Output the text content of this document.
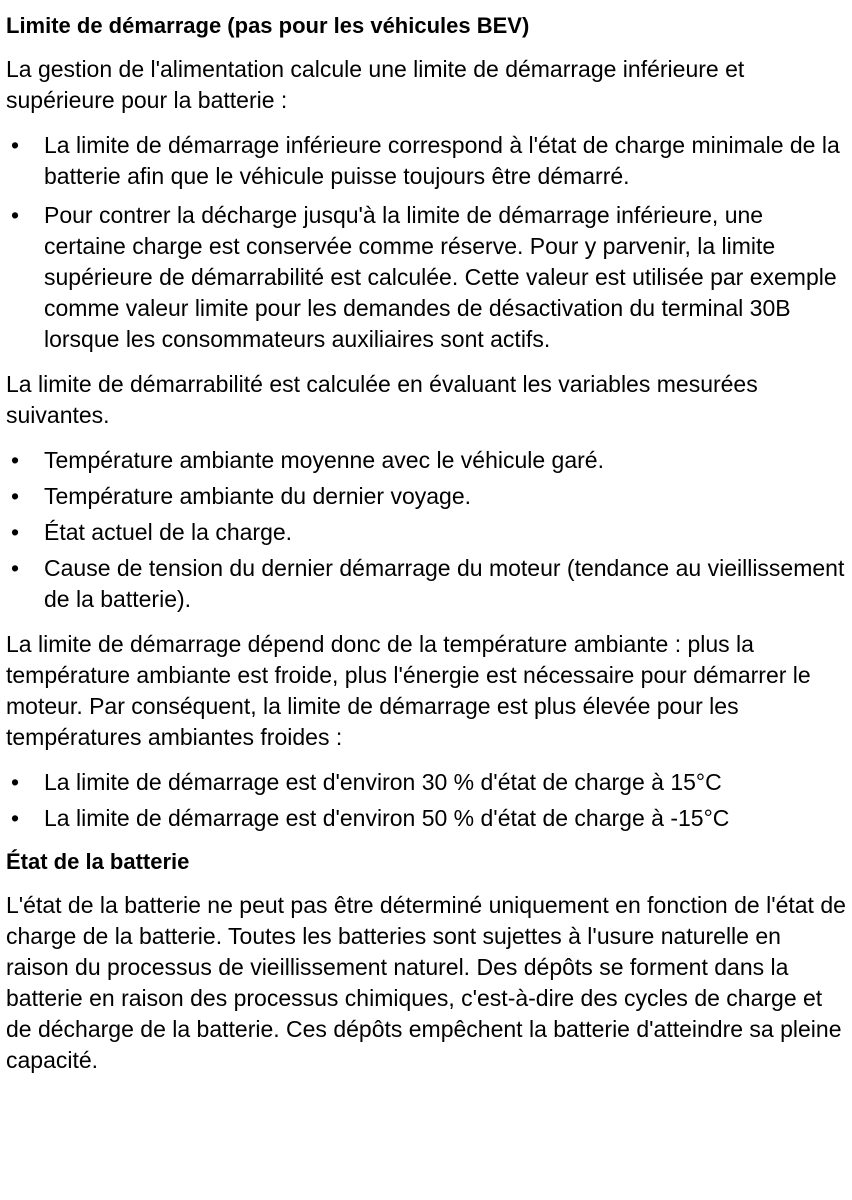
Limite de démarrage (pas pour les véhicules BEV)

La gestion de l'alimentation calcule une limite de démarrage inférieure et supérieure pour la batterie :

•	La limite de démarrage inférieure correspond à l'état de charge minimale de la batterie afin que le véhicule puisse toujours être démarré.
•	Pour contrer la décharge jusqu'à la limite de démarrage inférieure, une certaine charge est conservée comme réserve. Pour y parvenir, la limite supérieure de démarrabilité est calculée. Cette valeur est utilisée par exemple comme valeur limite pour les demandes de désactivation du terminal 30B lorsque les consommateurs auxiliaires sont actifs.

La limite de démarrabilité est calculée en évaluant les variables mesurées suivantes.

•	Température ambiante moyenne avec le véhicule garé.
•	Température ambiante du dernier voyage.
•	État actuel de la charge.
•	Cause de tension du dernier démarrage du moteur (tendance au vieillissement de la batterie).

La limite de démarrage dépend donc de la température ambiante : plus la température ambiante est froide, plus l'énergie est nécessaire pour démarrer le moteur. Par conséquent, la limite de démarrage est plus élevée pour les températures ambiantes froides :

•	La limite de démarrage est d'environ 30 % d'état de charge à 15°C
•	La limite de démarrage est d'environ 50 % d'état de charge à -15°C
État de la batterie

L'état de la batterie ne peut pas être déterminé uniquement en fonction de l'état de charge de la batterie. Toutes les batteries sont sujettes à l'usure naturelle en raison du processus de vieillissement naturel. Des dépôts se forment dans la batterie en raison des processus chimiques, c'est-à-dire des cycles de charge et de décharge de la batterie. Ces dépôts empêchent la batterie d'atteindre sa pleine capacité.
